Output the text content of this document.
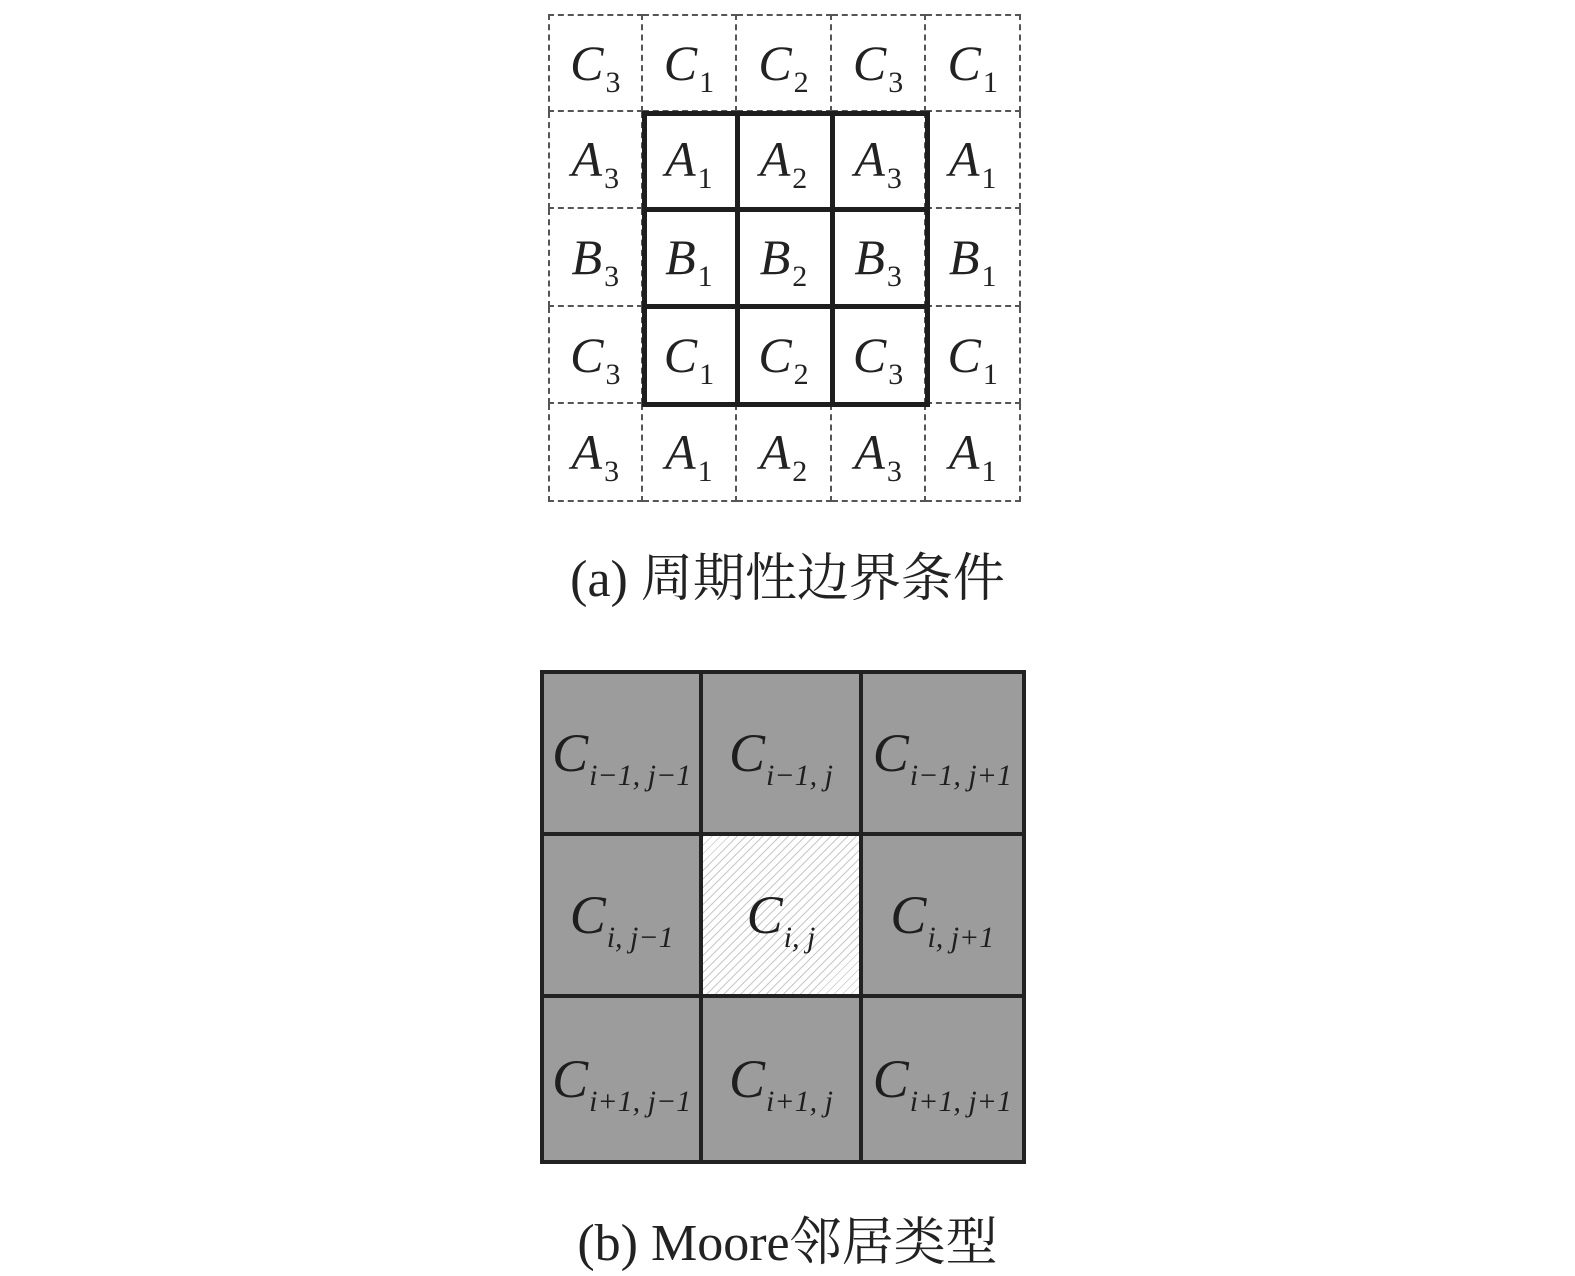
$C_3$ $C_1$ $C_2$ $C_3$ $C_1$
$A_3$ $A_1$ $A_2$ $A_3$ $A_1$
$B_3$ $B_1$ $B_2$ $B_3$ $B_1$
$C_3$ $C_1$ $C_2$ $C_3$ $C_1$
$A_3$ $A_1$ $A_2$ $A_3$ $A_1$
(a) 周期性边界条件
$C_{i-1, j-1}$ $C_{i-1, j}$ $C_{i-1, j+1}$
$C_{i, j-1}$ $C_{i, j}$ $C_{i, j+1}$
$C_{i+1, j-1}$ $C_{i+1, j}$ $C_{i+1, j+1}$
(b) Moore邻居类型
